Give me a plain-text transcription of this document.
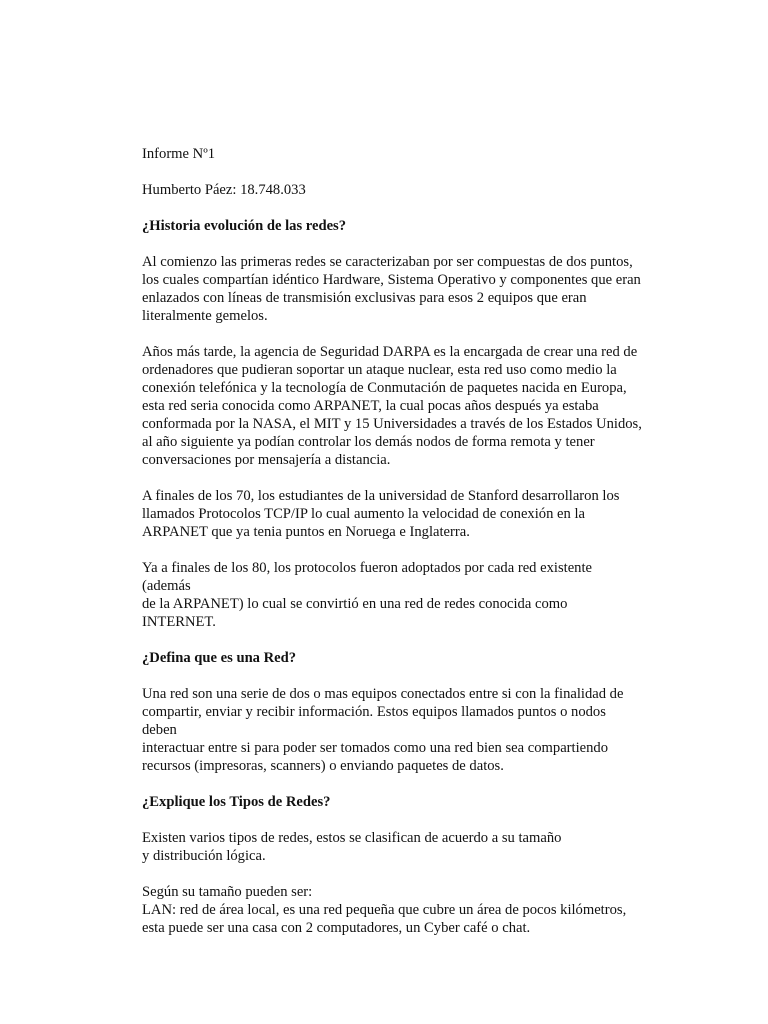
Informe Nº1

Humberto Páez: 18.748.033

¿Historia evolución de las redes?

Al comienzo las primeras redes se caracterizaban por ser compuestas de dos puntos,
los cuales compartían idéntico Hardware, Sistema Operativo y componentes que eran
enlazados con líneas de transmisión exclusivas para esos 2 equipos que eran
literalmente gemelos.

Años más tarde, la agencia de Seguridad DARPA es la encargada de crear una red de
ordenadores que pudieran soportar un ataque nuclear, esta red uso como medio la
conexión telefónica y la tecnología de Conmutación de paquetes nacida en Europa,
esta red seria conocida como ARPANET, la cual pocas años después ya estaba
conformada por la NASA, el MIT y 15 Universidades a través de los Estados Unidos,
al año siguiente ya podían controlar los demás nodos de forma remota y tener
conversaciones por mensajería a distancia.

A finales de los 70, los estudiantes de la universidad de Stanford desarrollaron los
llamados Protocolos TCP/IP lo cual aumento la velocidad de conexión en la
ARPANET que ya tenia puntos en Noruega e Inglaterra.

Ya a finales de los 80, los protocolos fueron adoptados por cada red existente (además
de la ARPANET) lo cual se convirtió en una red de redes conocida como INTERNET.

¿Defina que es una Red?

Una red son una serie de dos o mas equipos conectados entre si con la finalidad de
compartir, enviar y recibir información. Estos equipos llamados puntos o nodos deben
interactuar entre si para poder ser tomados como una red bien sea compartiendo
recursos (impresoras, scanners) o enviando paquetes de datos.

¿Explique los Tipos de Redes?

Existen varios tipos de redes, estos se clasifican de acuerdo a su tamaño
y distribución lógica.

Según su tamaño pueden ser:

LAN: red de área local, es una red pequeña que cubre un área de pocos kilómetros,
esta puede ser una casa con 2 computadores, un Cyber café o chat.
